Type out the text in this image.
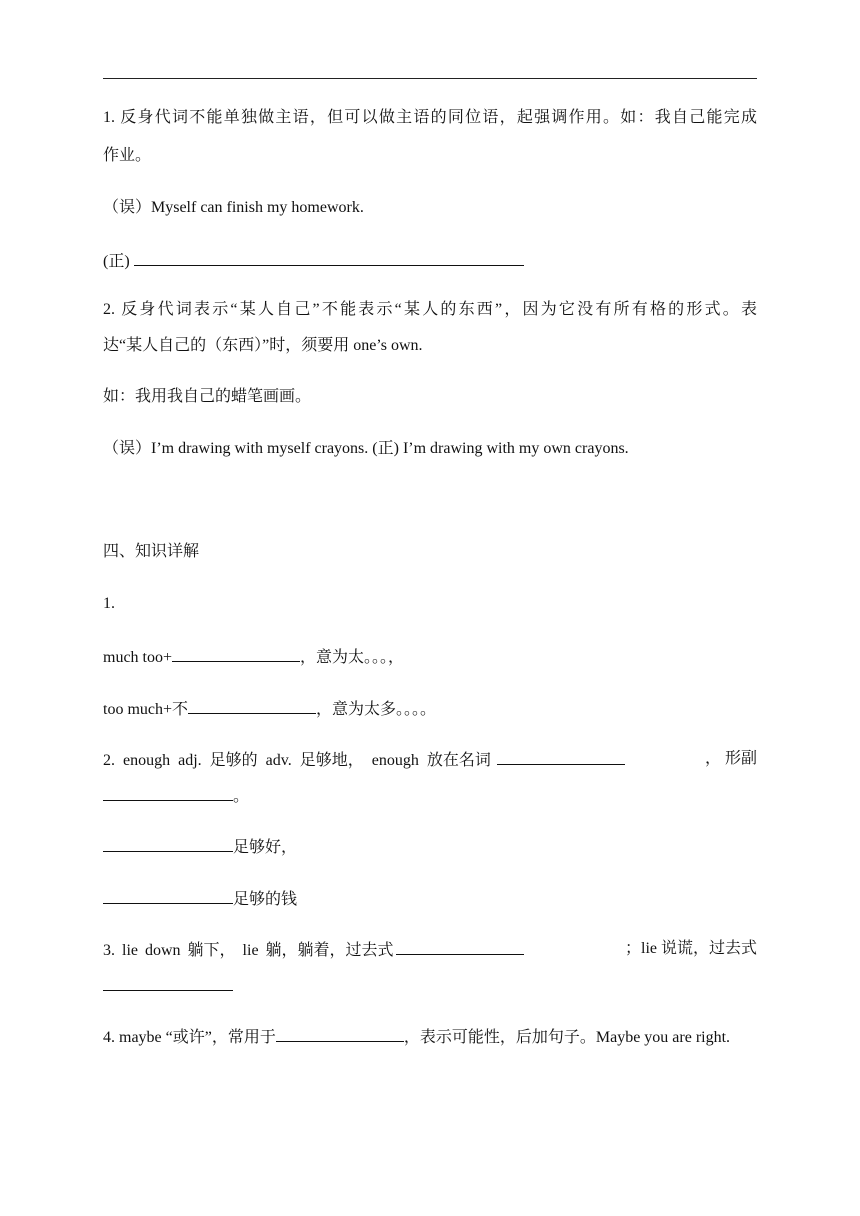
1. 反身代词不能单独做主语，但可以做主语的同位语，起强调作用。如：我自己能完成
作业。
（误）Myself can finish my homework.
(正)
2. 反身代词表示“某人自己”不能表示“某人的东西”，因为它没有所有格的形式。表
达“某人自己的（东西）”时，须要用 one’s own.
如：我用我自己的蜡笔画画。
（误）I’m drawing with myself crayons. (正) I’m drawing with my own crayons.
四、知识详解
1.
much too+	，意为太。。。，
too much+不	，意为太多。。。。
2. enough adj. 足够的 adv. 足够地， enough 放在名词	， 形副
。
足够好，
足够的钱
3. lie down 躺下， lie 躺，躺着，过去式	；lie 说谎，过去式
4. maybe “或许”，常用于	，表示可能性，后加句子。Maybe you are right.
